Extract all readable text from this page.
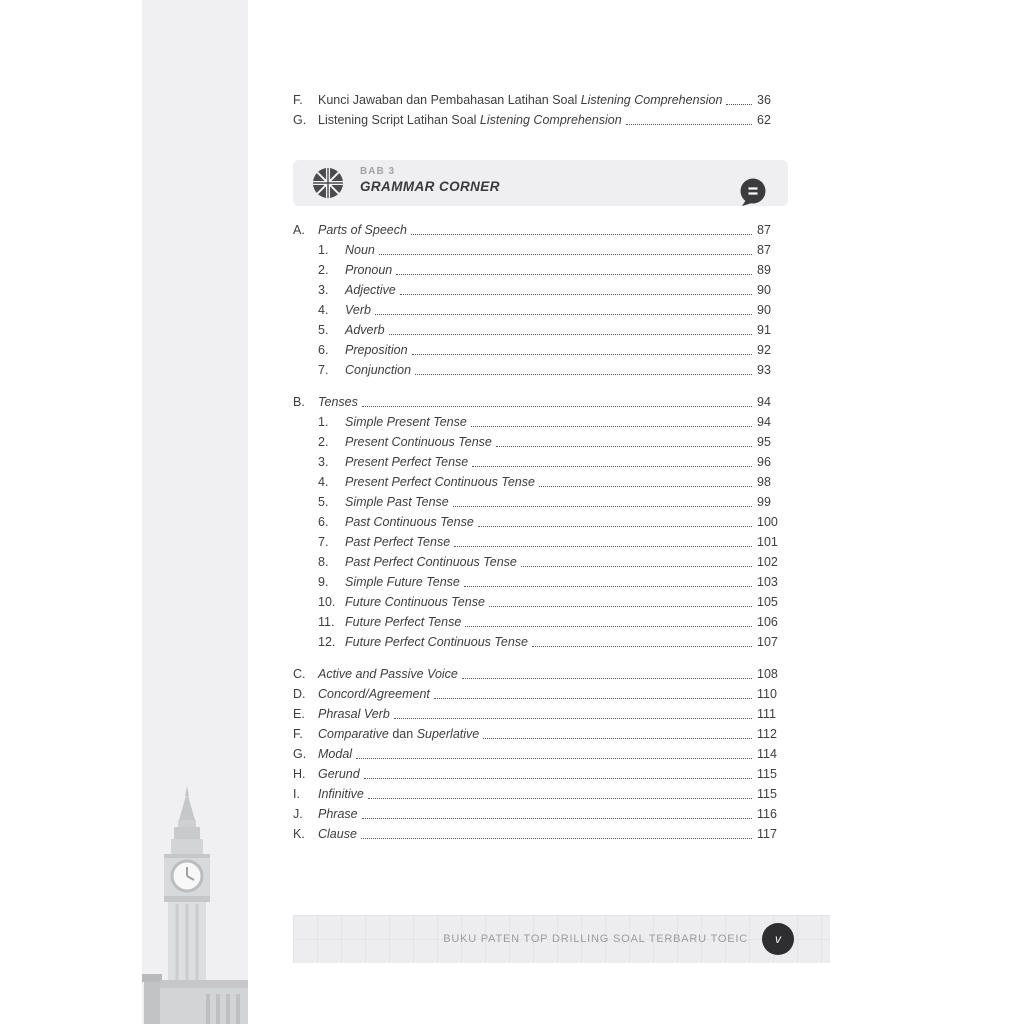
F.	Kunci Jawaban dan Pembahasan Latihan Soal Listening Comprehension	36
G. Listening Script Latihan Soal Listening Comprehension	62
BAB 3
GRAMMAR CORNER
A.	Parts of Speech	87
1.	Noun	87
2.	Pronoun	89
3.	Adjective	90
4.	Verb	90
5.	Adverb	91
6.	Preposition	92
7.	Conjunction	93
B.	Tenses	94
1.	Simple Present Tense	94
2.	Present Continuous Tense	95
3.	Present Perfect Tense	96
4.	Present Perfect Continuous Tense	98
5.	Simple Past Tense	99
6.	Past Continuous Tense	100
7.	Past Perfect Tense	101
8.	Past Perfect Continuous Tense	102
9.	Simple Future Tense	103
10. Future Continuous Tense	105
11. Future Perfect Tense	106
12. Future Perfect Continuous Tense	107
C.	Active and Passive Voice	108
D.	Concord/Agreement	110
E.	Phrasal Verb	111
F.	Comparative dan Superlative	112
G. Modal	114
H.	Gerund	115
I.	Infinitive	115
J.	Phrase	116
K.	Clause	117
BUKU PATEN TOP DRILLING SOAL TERBARU TOEIC	v
